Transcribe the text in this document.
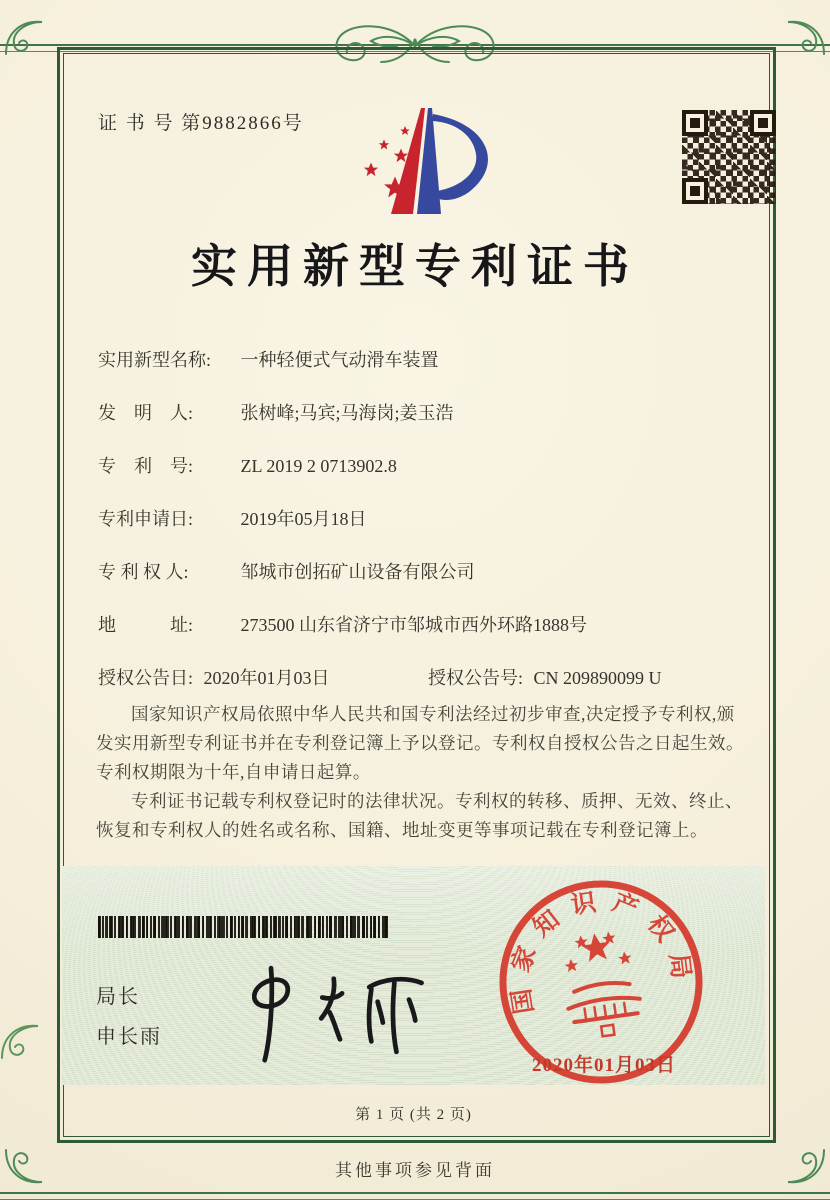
证 书 号 第9882866号
实用新型专利证书
实用新型名称: 一种轻便式气动滑车装置
发　明　人:	张树峰;马宾;马海岗;姜玉浩
专　利　号:	ZL 2019 2 0713902.8
专利申请日:	2019年05月18日
专 利 权 人:	邹城市创拓矿山设备有限公司
地　　　址:	273500 山东省济宁市邹城市西外环路1888号
授权公告日: 2020年01月03日	授权公告号: CN 209890099 U

国家知识产权局依照中华人民共和国专利法经过初步审查,决定授予专利权,颁发实用新型专利证书并在专利登记簿上予以登记。专利权自授权公告之日起生效。专利权期限为十年,自申请日起算。

专利证书记载专利权登记时的法律状况。专利权的转移、质押、无效、终止、恢复和专利权人的姓名或名称、国籍、地址变更等事项记载在专利登记簿上。

局长
申长雨
国家知识产权局
2020年01月03日
第 1 页 (共 2 页)
其他事项参见背面
